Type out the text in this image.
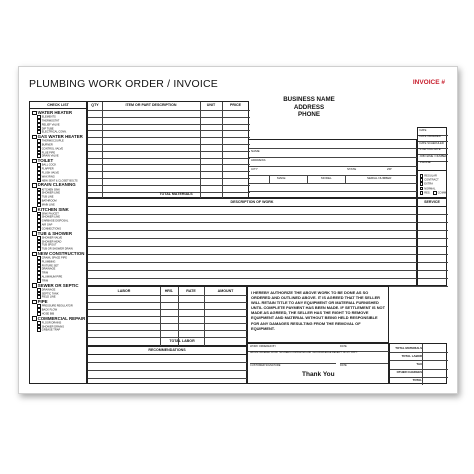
PLUMBING WORK ORDER / INVOICE	INVOICE #
BUSINESS NAME
ADDRESS
PHONE
CHECK LIST
WATER HEATER
ELEMENTS
THERMOSTAT
RELIEF VALVE
DIP TUBE
ELECTRICAL CONN.
GAS WATER HEATER
THERMOCOUPLE
BURNER
CONTROL VALVE
FLUE PIPE
DRAIN VALVE
TOILET
BALL COCK
FLAPPER
FLUSH VALVE
WAX RING
NEW SEAT & CLOSET BOLTS
DRAIN CLEANING
KITCHEN SINK
SHOWER LINE
TUB LINE
BATHROOM
MAIN LINE
KITCHEN SINK
SINK FAUCET
SHOWER LINE
GARBAGE DISPOSAL
AIR GAP
CONNECTIONS
TUB & SHOWER
SHOWER VALVE
SHOWER HEAD
TUB SPOUT
TUB OR SHOWER DRAIN
NEW CONSTRUCTION
CRAWL SPACE PIPE
PLUMBING
FIXTURE SET
DRAINAGE
TRIM
ALUMINUM PIPE
TRIM
SEWER OR SEPTIC
DRAINAGE
SEPTIC TANK
FIELD LINE
PIPE
PRESSURE REGULATOR
BACK FLOW
HOSE BIB
COMMERCIAL REPAIR
FLOOR DRAINS
SHOWER DRAINS
GREASE TRAP
QTY	ITEM OR PART DESCRIPTION	UNIT	PRICE
TOTAL MATERIALS
NAME
ADDRESS
CITY	STATE	ZIP
MAKE	MODEL	SERIAL NUMBER
DATE
DATE ORDERED
DATE SCHEDULED
STARTING DATE
JOB NAME / NUMBER
REGULAR
CONTRACT
EXTRA
NORMAL
RES.	COMM.
PHONE
DESCRIPTION OF WORK	SERVICE
LABOR	HRS.	RATE	AMOUNT
TOTAL LABOR
RECOMMENDATIONS
I HEREBY AUTHORIZE THE ABOVE WORK TO BE DONE AS SO ORDERED AND OUTLINED ABOVE. IT IS AGREED THAT THE SELLER WILL RETAIN TITLE TO ANY EQUIPMENT OR MATERIAL FURNISHED UNTIL COMPLETE PAYMENT HAS BEEN MADE. IF SETTLEMENT IS NOT MADE AS AGREED, THE SELLER HAS THE RIGHT TO REMOVE EQUIPMENT AND MATERIAL WITHOUT BEING HELD RESPONSIBLE FOR ANY DAMAGES RESULTING FROM THE REMOVAL OF EQUIPMENT.
WORK ORDERED BY	DATE
ABOVE ORDERED WORK HAS BEEN COMPLETED AND I ACKNOWLEDGE RECEIPT OF MY COPY.
CUSTOMER SIGNATURE	DATE
Thank You
TOTAL MATERIALS
TOTAL LABOR
TAX
OTHER CHARGES
TOTAL
